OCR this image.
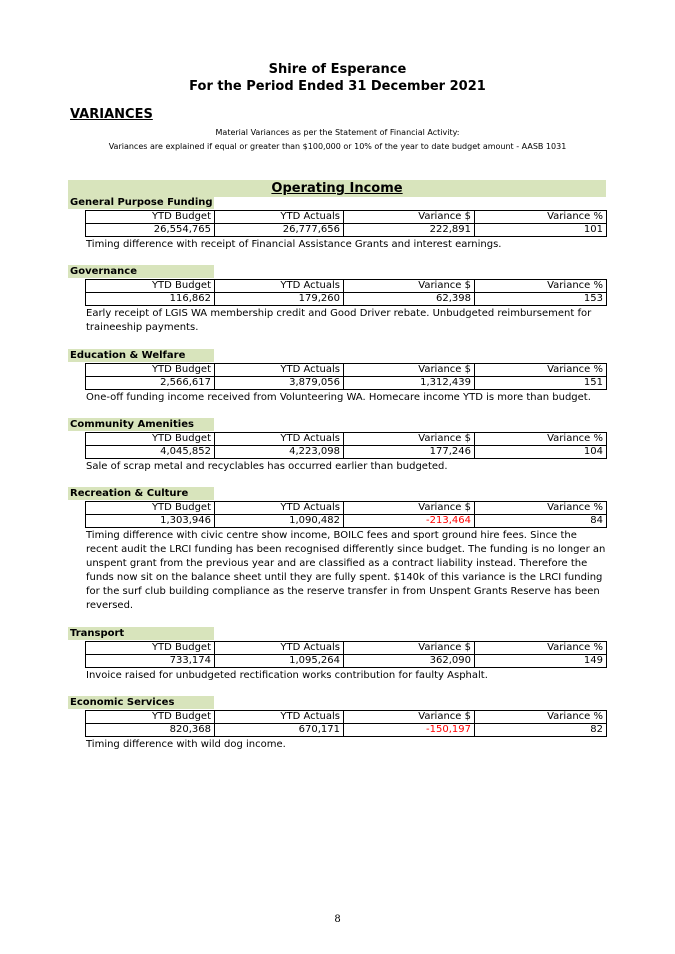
Shire of Esperance
For the Period Ended 31 December 2021
VARIANCES
Material Variances as per the Statement of Financial Activity:
Variances are explained if equal or greater than $100,000 or 10% of the year to date budget amount - AASB 1031
Operating Income
General Purpose Funding
YTD Budget	YTD Actuals	Variance $	Variance %
26,554,765	26,777,656	222,891	101
Timing difference with receipt of Financial Assistance Grants and interest earnings.
Governance
YTD Budget	YTD Actuals	Variance $	Variance %
116,862	179,260	62,398	153
Early receipt of LGIS WA membership credit and Good Driver rebate. Unbudgeted reimbursement for traineeship payments.
Education & Welfare
YTD Budget	YTD Actuals	Variance $	Variance %
2,566,617	3,879,056	1,312,439	151
One-off funding income received from Volunteering WA. Homecare income YTD is more than budget.
Community Amenities
YTD Budget	YTD Actuals	Variance $	Variance %
4,045,852	4,223,098	177,246	104
Sale of scrap metal and recyclables has occurred earlier than budgeted.
Recreation & Culture
YTD Budget	YTD Actuals	Variance $	Variance %
1,303,946	1,090,482	-213,464	84
Timing difference with civic centre show income, BOILC fees and sport ground hire fees. Since the recent audit the LRCI funding has been recognised differently since budget. The funding is no longer an unspent grant from the previous year and are classified as a contract liability instead. Therefore the funds now sit on the balance sheet until they are fully spent. $140k of this variance is the LRCI funding for the surf club building compliance as the reserve transfer in from Unspent Grants Reserve has been reversed.
Transport
YTD Budget	YTD Actuals	Variance $	Variance %
733,174	1,095,264	362,090	149
Invoice raised for unbudgeted rectification works contribution for faulty Asphalt.
Economic Services
YTD Budget	YTD Actuals	Variance $	Variance %
820,368	670,171	-150,197	82
Timing difference with wild dog income.
8
